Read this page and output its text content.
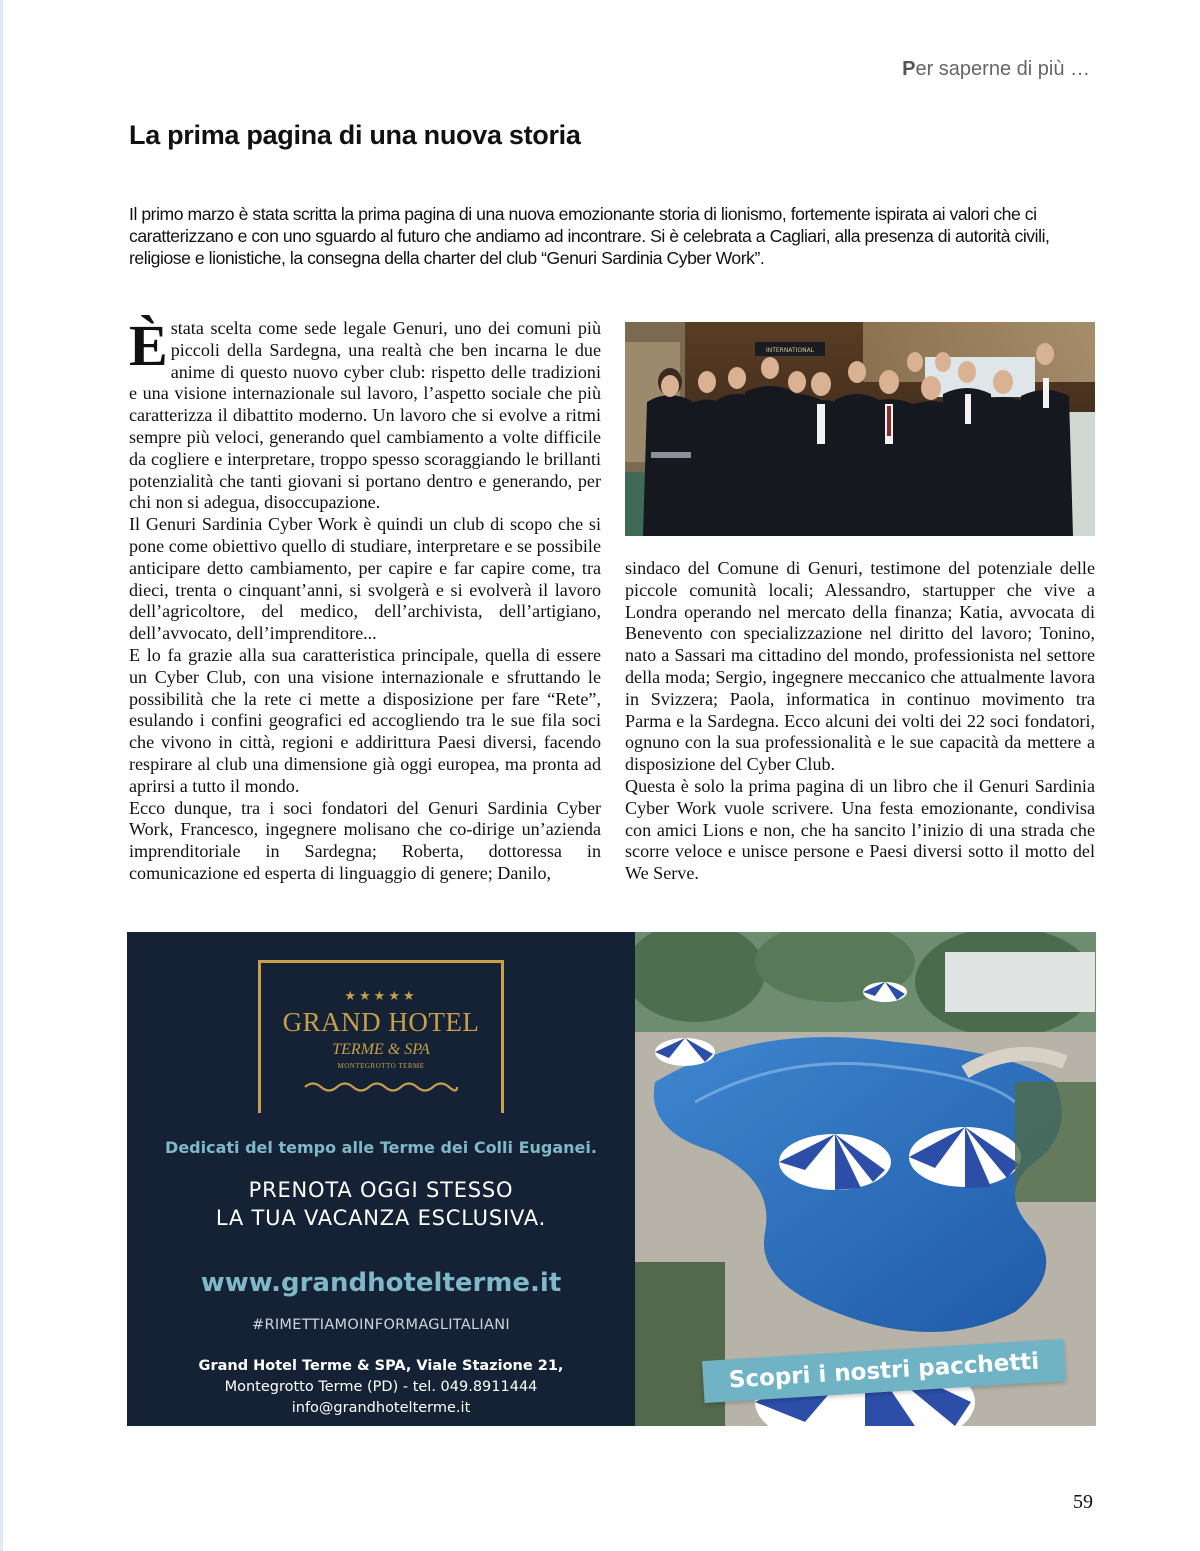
Per saperne di più …
La prima pagina di una nuova storia

Il primo marzo è stata scritta la prima pagina di una nuova emozionante storia di lionismo, fortemente ispirata ai valori che ci caratterizzano e con uno sguardo al futuro che andiamo ad incontrare. Si è celebrata a Cagliari, alla presenza di autorità civili, religiose e lionistiche, la consegna della charter del club “Genuri Sardinia Cyber Work”.

Èstata scelta come sede legale Genuri, uno dei comuni più piccoli della Sardegna, una realtà che ben incarna le due anime di questo nuovo cyber club: rispetto delle tradizioni e una visione internazionale sul lavoro, l’aspetto sociale che più caratterizza il dibattito moderno. Un lavoro che si evolve a ritmi sempre più veloci, generando quel cambiamento a volte difficile da cogliere e interpretare, troppo spesso scoraggiando le brillanti potenzialità che tanti giovani si portano dentro e generando, per chi non si adegua, disoccupazione.

Il Genuri Sardinia Cyber Work è quindi un club di scopo che si pone come obiettivo quello di studiare, interpretare e se possibile anticipare detto cambiamento, per capire e far capire come, tra dieci, trenta o cinquant’anni, si svolgerà e si evolverà il lavoro dell’agricoltore, del medico, dell’archivista, dell’artigiano, dell’avvocato, dell’imprenditore...

E lo fa grazie alla sua caratteristica principale, quella di essere un Cyber Club, con una visione internazionale e sfruttando le possibilità che la rete ci mette a disposizione per fare “Rete”, esulando i confini geografici ed accogliendo tra le sue fila soci che vivono in città, regioni e addirittura Paesi diversi, facendo respirare al club una dimensione già oggi europea, ma pronta ad aprirsi a tutto il mondo.

Ecco dunque, tra i soci fondatori del Genuri Sardinia Cyber Work, Francesco, ingegnere molisano che co-dirige un’azienda imprenditoriale in Sardegna; Roberta, dottoressa in comunicazione ed esperta di linguaggio di genere; Danilo,

INTERNATIONAL

sindaco del Comune di Genuri, testimone del potenziale delle piccole comunità locali; Alessandro, startupper che vive a Londra operando nel mercato della finanza; Katia, avvocata di Benevento con specializzazione nel diritto del lavoro; Tonino, nato a Sassari ma cittadino del mondo, professionista nel settore della moda; Sergio, ingegnere meccanico che attualmente lavora in Svizzera; Paola, informatica in continuo movimento tra Parma e la Sardegna. Ecco alcuni dei volti dei 22 soci fondatori, ognuno con la sua professionalità e le sue capacità da mettere a disposizione del Cyber Club.

Questa è solo la prima pagina di un libro che il Genuri Sardinia Cyber Work vuole scrivere. Una festa emozionante, condivisa con amici Lions e non, che ha sancito l’inizio di una strada che scorre veloce e unisce persone e Paesi diversi sotto il motto del We Serve.

★★★★★
GRAND HOTEL
TERME & SPA
MONTEGROTTO TERME
Dedicati del tempo alle Terme dei Colli Euganei.
PRENOTA OGGI STESSO
LA TUA VACANZA ESCLUSIVA.
www.grandhotelterme.it
#RIMETTIAMOINFORMAGLITALIANI
Grand Hotel Terme & SPA, Viale Stazione 21,
Montegrotto Terme (PD) - tel. 049.8911444
info@grandhotelterme.it
Scopri i nostri pacchetti
59
